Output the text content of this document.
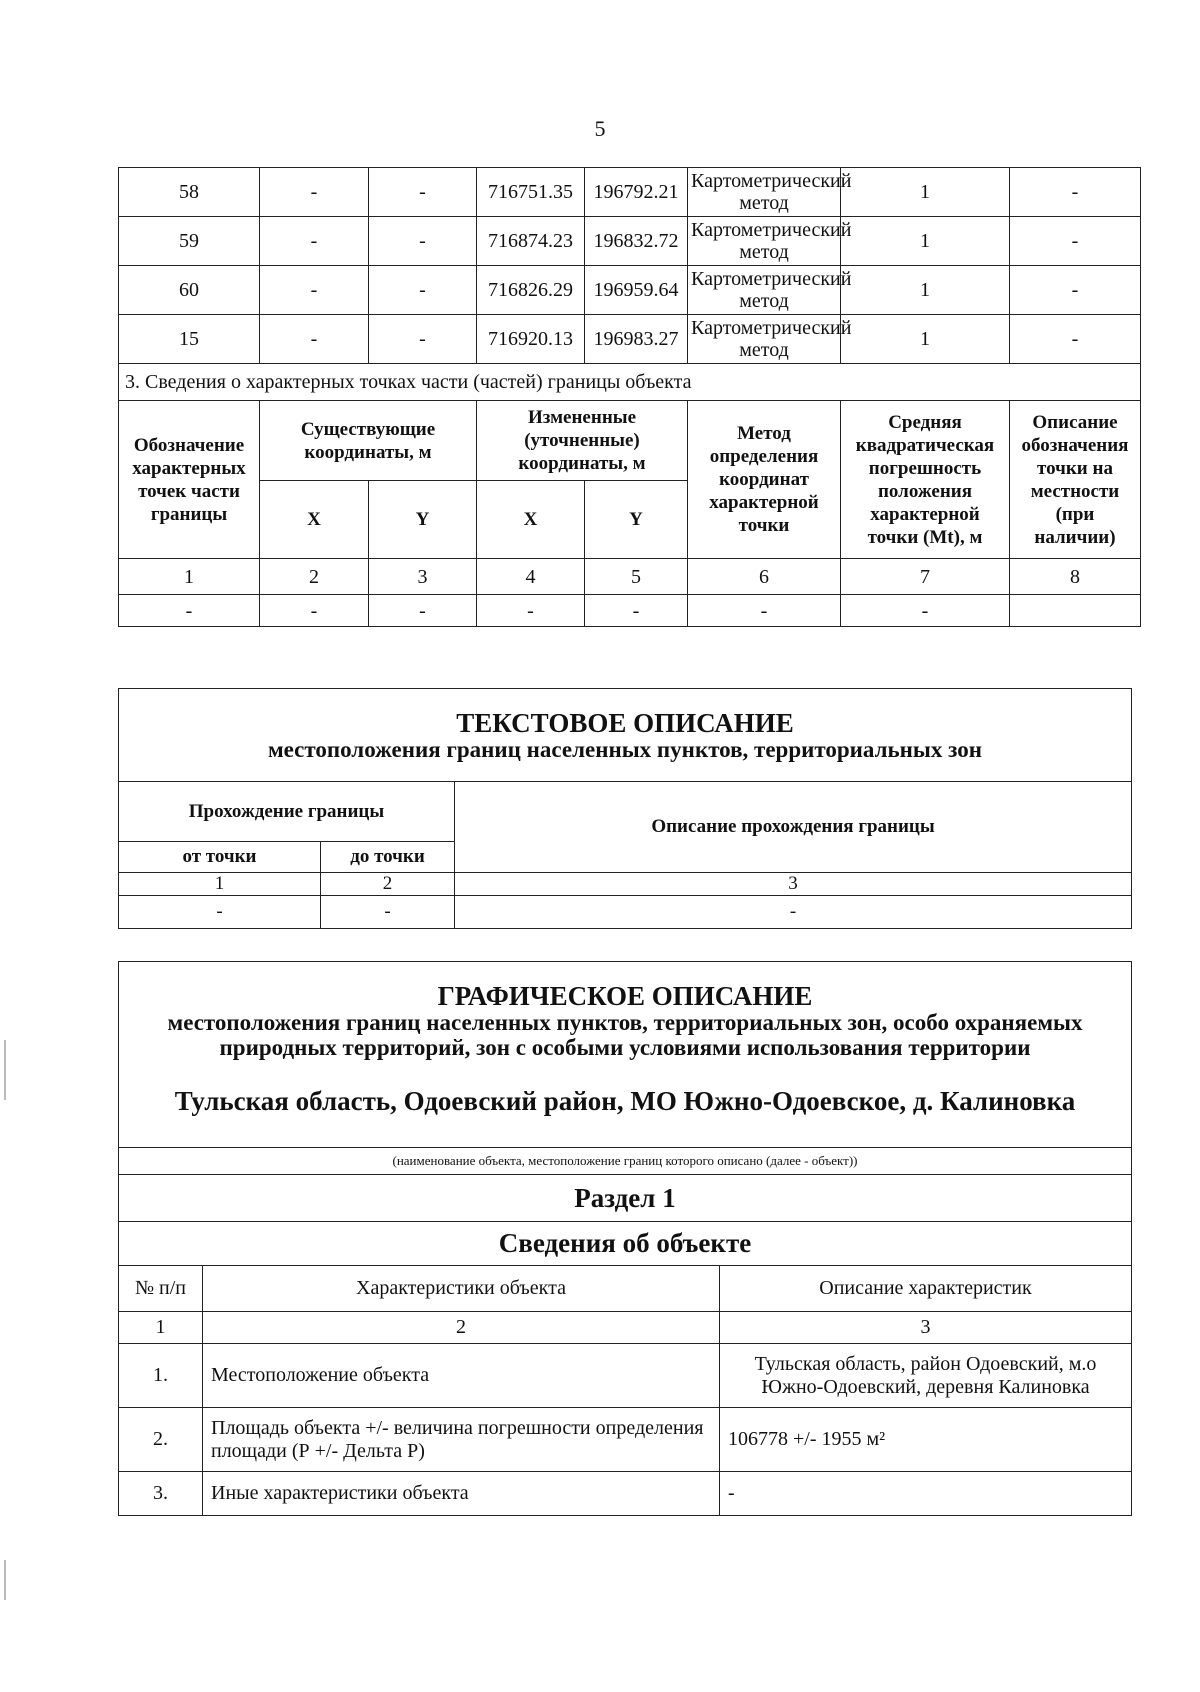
5
58	-	-	716751.35	196792.21	Картометрический метод	1	-
59	-	-	716874.23	196832.72	Картометрический метод	1	-
60	-	-	716826.29	196959.64	Картометрический метод	1	-
15	-	-	716920.13	196983.27	Картометрический метод	1	-
3. Сведения о характерных точках части (частей) границы объекта							
Обозначение характерных точек части границы	Существующие координаты, м		Измененные (уточненные) координаты, м		Метод определения координат характерной точки	Средняя квадратическая погрешность положения характерной точки (Mt), м	Описание обозначения точки на местности (при наличии)
	X	Y	X	Y			
1	2	3	4	5	6	7	8
-	-	-	-	-	-	-	
ТЕКСТОВОЕ ОПИСАНИЕ
местоположения границ населенных пунктов, территориальных зон		

Прохождение границы		Описание прохождения границы
от точки	до точки	
1	2	3
-	-	-
ГРАФИЧЕСКОЕ ОПИСАНИЕ
местоположения границ населенных пунктов, территориальных зон, особо охраняемых природных территорий, зон с особыми условиями использования территории
Тульская область, Одоевский район, МО Южно-Одоевское, д. Калиновка		

(наименование объекта, местоположение границ которого описано (далее - объект))		
Раздел 1		
Сведения об объекте		
№ п/п	Характеристики объекта	Описание характеристик
1	2	3
1.	Местоположение объекта	Тульская область, район Одоевский, м.о Южно-Одоевский, деревня Калиновка
2.	Площадь объекта +/- величина погрешности определения площади (Р +/- Дельта Р)	106778 +/- 1955 м²
3.	Иные характеристики объекта	-
